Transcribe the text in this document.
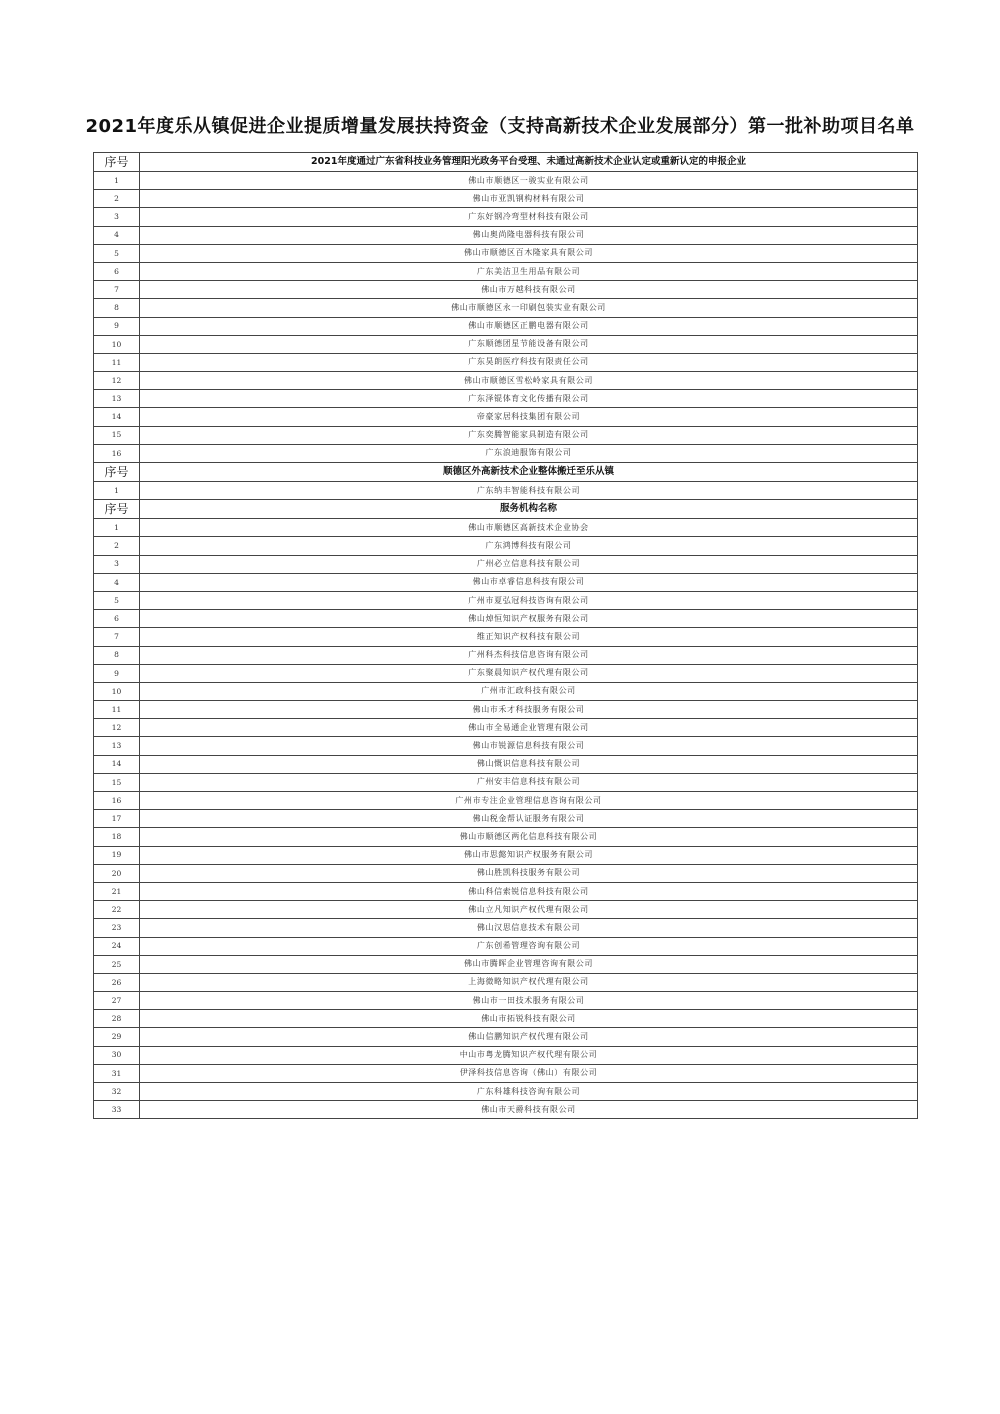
2021年度乐从镇促进企业提质增量发展扶持资金（支持高新技术企业发展部分）第一批补助项目名单
序号	2021年度通过广东省科技业务管理阳光政务平台受理、未通过高新技术企业认定或重新认定的申报企业
1	佛山市顺德区一骏实业有限公司
2	佛山市亚凯钢构材料有限公司
3	广东好钢冷弯型材科技有限公司
4	佛山奥尚隆电器科技有限公司
5	佛山市顺德区百木隆家具有限公司
6	广东美洁卫生用品有限公司
7	佛山市万越科技有限公司
8	佛山市顺德区永一印刷包装实业有限公司
9	佛山市顺德区正鹏电器有限公司
10	广东顺德团星节能设备有限公司
11	广东昊朗医疗科技有限责任公司
12	佛山市顺德区雪松岭家具有限公司
13	广东泽锟体育文化传播有限公司
14	帝豪家居科技集团有限公司
15	广东奕腾智能家具制造有限公司
16	广东浪迪服饰有限公司
序号	顺德区外高新技术企业整体搬迁至乐从镇
1	广东纳丰智能科技有限公司
序号	服务机构名称
1	佛山市顺德区高新技术企业协会
2	广东鸿博科技有限公司
3	广州必立信息科技有限公司
4	佛山市卓睿信息科技有限公司
5	广州市夏弘冠科技咨询有限公司
6	佛山焯恒知识产权服务有限公司
7	维正知识产权科技有限公司
8	广州科杰科技信息咨询有限公司
9	广东聚晨知识产权代理有限公司
10	广州市汇政科技有限公司
11	佛山市禾才科技服务有限公司
12	佛山市全易通企业管理有限公司
13	佛山市锐源信息科技有限公司
14	佛山慨识信息科技有限公司
15	广州安丰信息科技有限公司
16	广州市专注企业管理信息咨询有限公司
17	佛山税金帮认证服务有限公司
18	佛山市顺德区两化信息科技有限公司
19	佛山市思懿知识产权服务有限公司
20	佛山胜凯科技服务有限公司
21	佛山科信索锐信息科技有限公司
22	佛山立凡知识产权代理有限公司
23	佛山汉思信息技术有限公司
24	广东创希管理咨询有限公司
25	佛山市腾晖企业管理咨询有限公司
26	上海微略知识产权代理有限公司
27	佛山市一田技术服务有限公司
28	佛山市拓锐科技有限公司
29	佛山信鹏知识产权代理有限公司
30	中山市粤龙腾知识产权代理有限公司
31	伊泽科技信息咨询（佛山）有限公司
32	广东科雄科技咨询有限公司
33	佛山市天爵科技有限公司
